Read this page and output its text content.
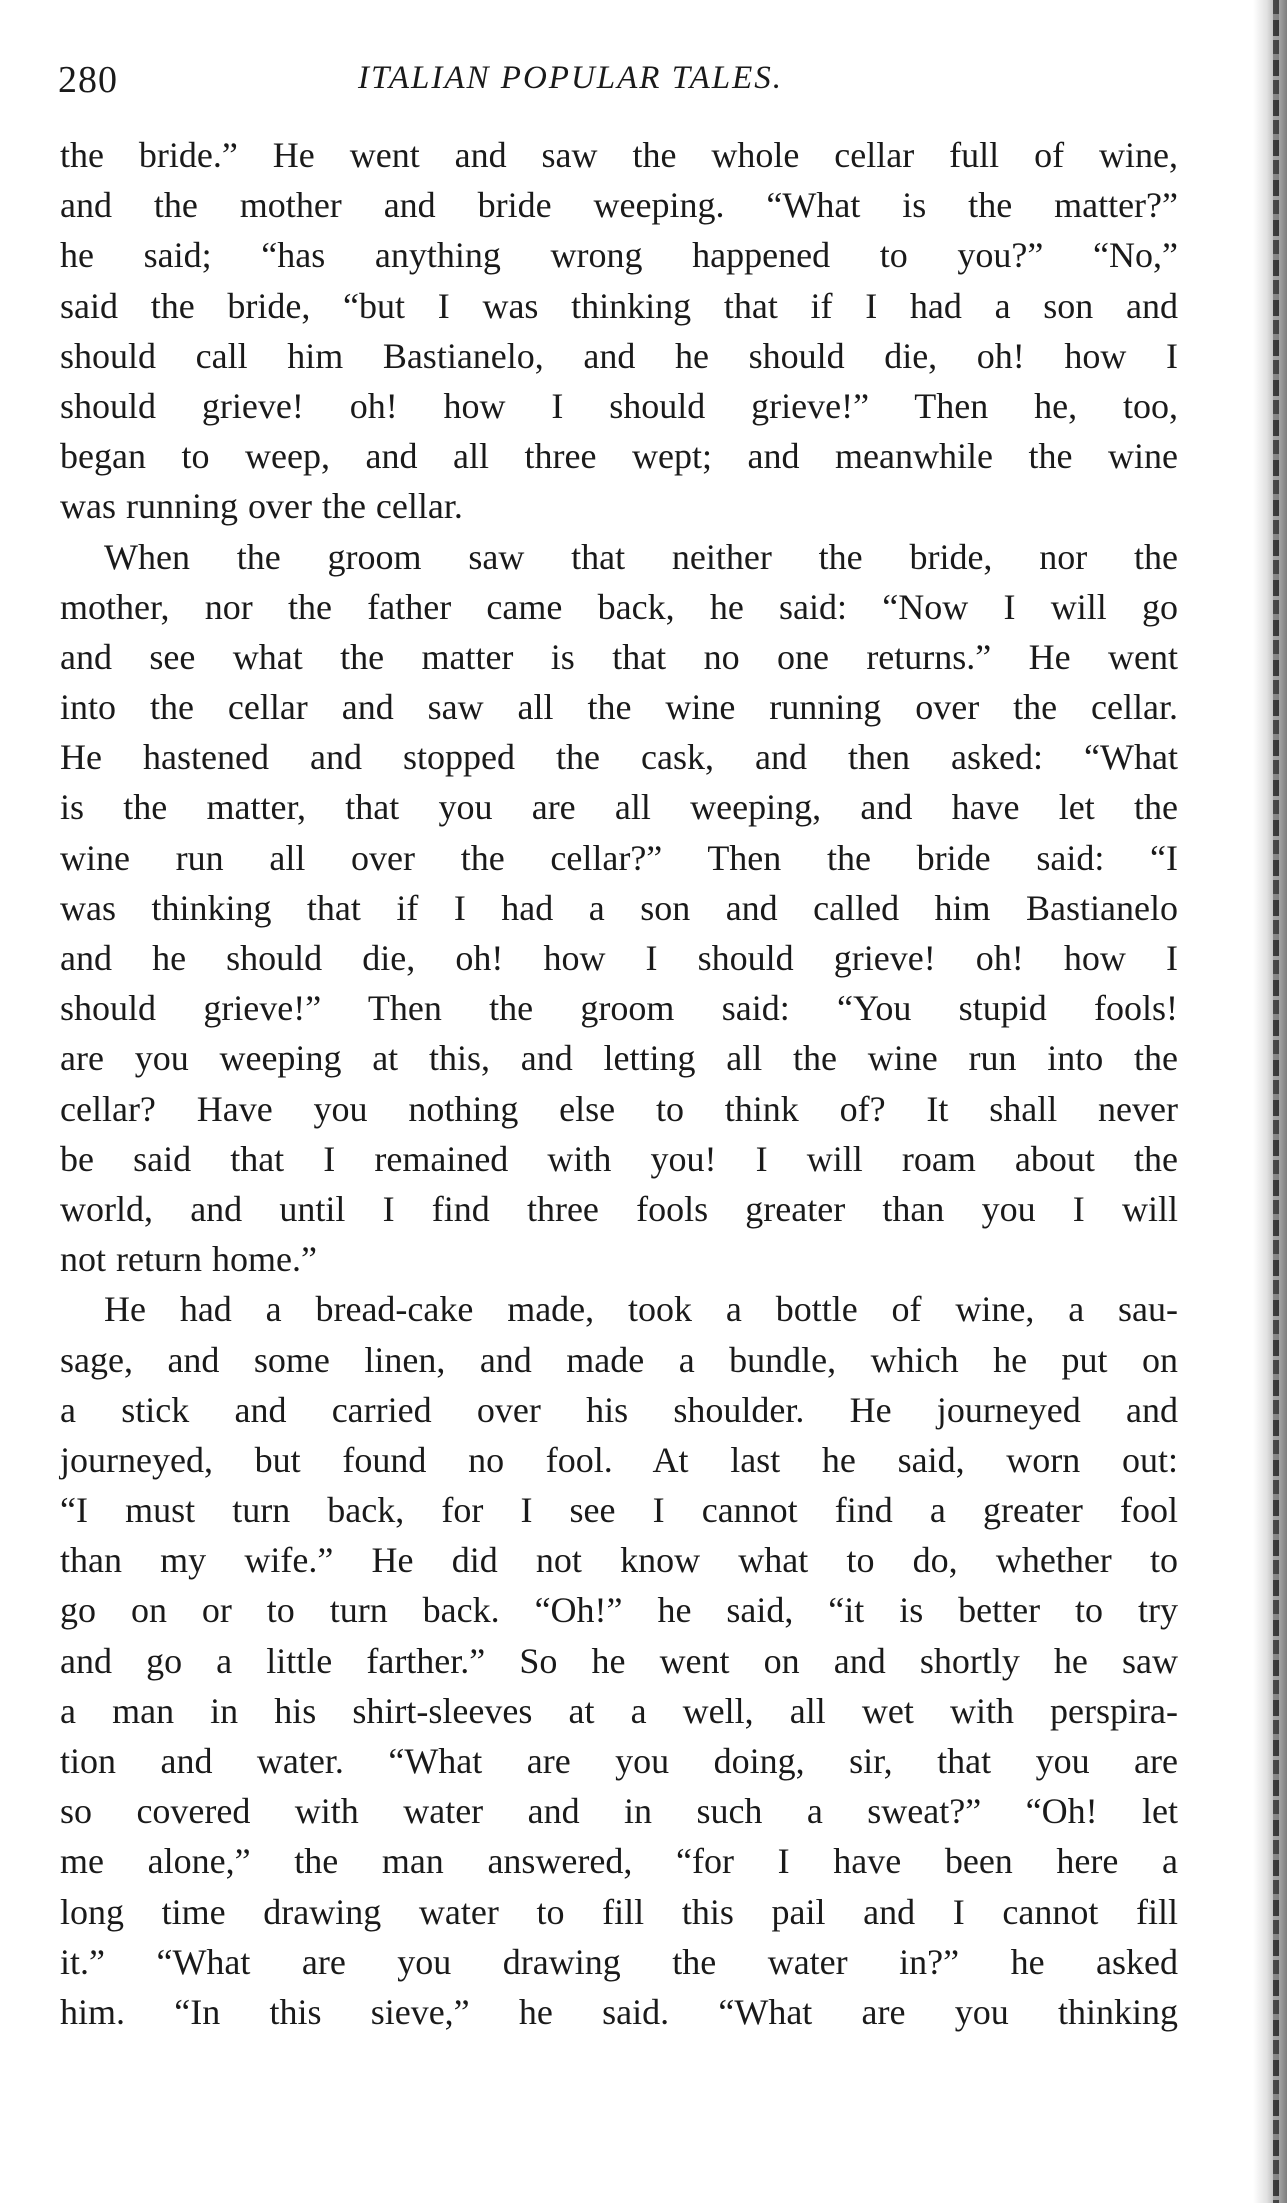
280	ITALIAN POPULAR TALES.
the bride.” He went and saw the whole cellar full of wine,
and the mother and bride weeping. “What is the matter?”
he said; “has anything wrong happened to you?” “No,”
said the bride, “but I was thinking that if I had a son and
should call him Bastianelo, and he should die, oh! how I
should grieve! oh! how I should grieve!” Then he, too,
began to weep, and all three wept; and meanwhile the wine
was running over the cellar.
When the groom saw that neither the bride, nor the
mother, nor the father came back, he said: “Now I will go
and see what the matter is that no one returns.” He went
into the cellar and saw all the wine running over the cellar.
He hastened and stopped the cask, and then asked: “What
is the matter, that you are all weeping, and have let the
wine run all over the cellar?” Then the bride said: “I
was thinking that if I had a son and called him Bastianelo
and he should die, oh! how I should grieve! oh! how I
should grieve!” Then the groom said: “You stupid fools!
are you weeping at this, and letting all the wine run into the
cellar? Have you nothing else to think of? It shall never
be said that I remained with you! I will roam about the
world, and until I find three fools greater than you I will
not return home.”
He had a bread-cake made, took a bottle of wine, a sau-
sage, and some linen, and made a bundle, which he put on
a stick and carried over his shoulder. He journeyed and
journeyed, but found no fool. At last he said, worn out:
“I must turn back, for I see I cannot find a greater fool
than my wife.” He did not know what to do, whether to
go on or to turn back. “Oh!” he said, “it is better to try
and go a little farther.” So he went on and shortly he saw
a man in his shirt-sleeves at a well, all wet with perspira-
tion and water. “What are you doing, sir, that you are
so covered with water and in such a sweat?” “Oh! let
me alone,” the man answered, “for I have been here a
long time drawing water to fill this pail and I cannot fill
it.” “What are you drawing the water in?” he asked
him. “In this sieve,” he said. “What are you thinking
